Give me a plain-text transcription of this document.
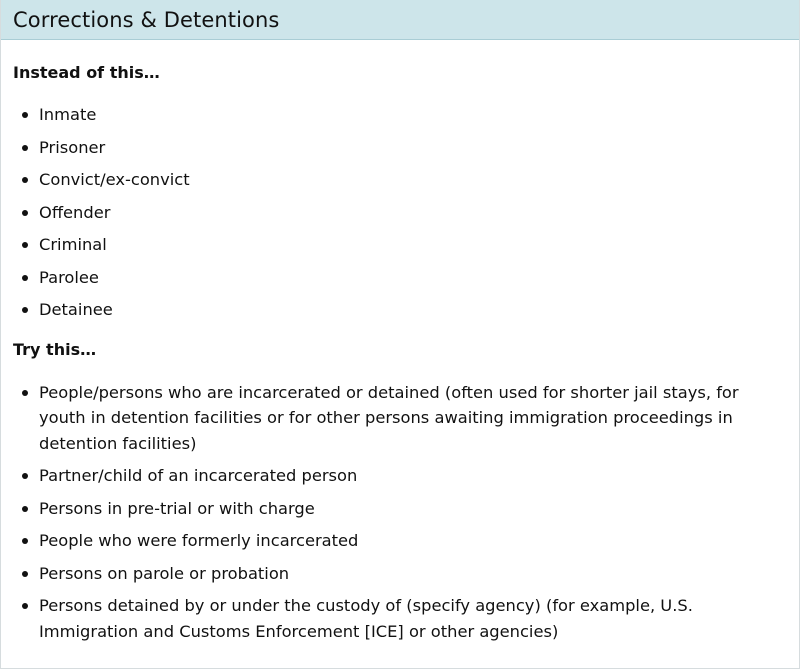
Corrections & Detentions

Instead of this…

Inmate
Prisoner
Convict/ex-convict
Offender
Criminal
Parolee
Detainee

Try this…

People/persons who are incarcerated or detained (often used for shorter jail stays, for youth in detention facilities or for other persons awaiting immigration proceedings in detention facilities)
Partner/child of an incarcerated person
Persons in pre-trial or with charge
People who were formerly incarcerated
Persons on parole or probation
Persons detained by or under the custody of (specify agency) (for example, U.S. Immigration and Customs Enforcement [ICE] or other agencies)
